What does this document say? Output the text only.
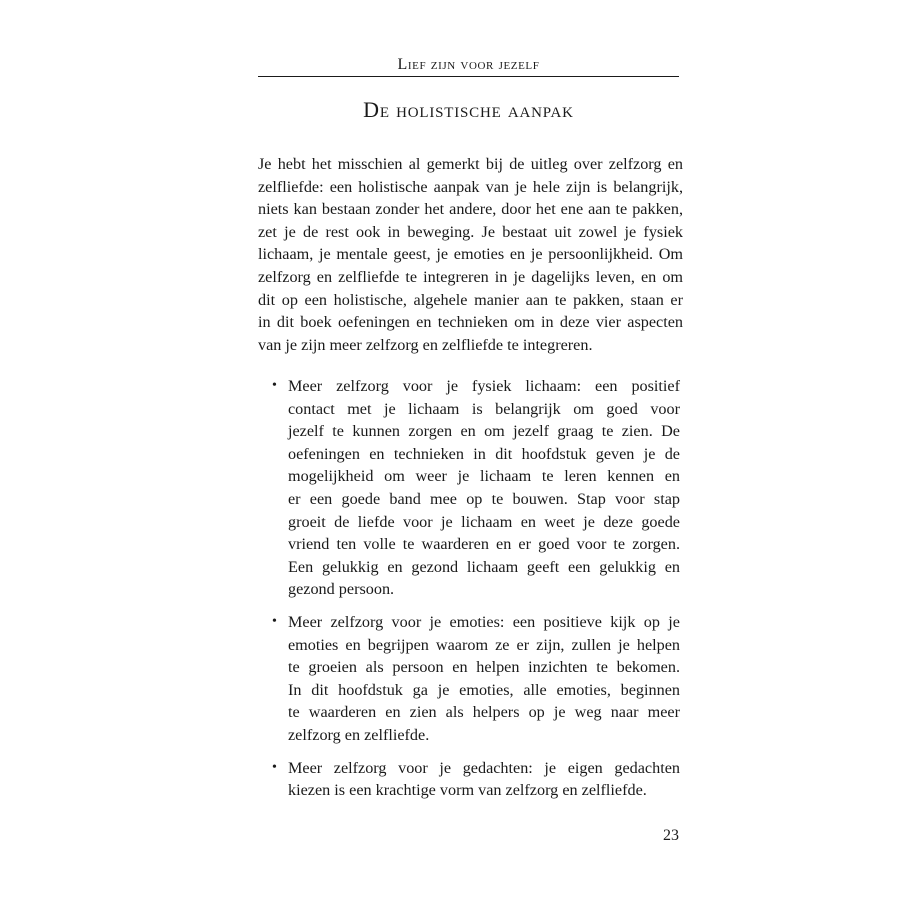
Lief zijn voor jezelf
De holistische aanpak
Je hebt het misschien al gemerkt bij de uitleg over zelfzorg en
zelfliefde: een holistische aanpak van je hele zijn is belangrijk,
niets kan bestaan zonder het andere, door het ene aan te pakken,
zet je de rest ook in beweging. Je bestaat uit zowel je fysiek
lichaam, je mentale geest, je emoties en je persoonlijkheid. Om
zelfzorg en zelfliefde te integreren in je dagelijks leven, en om
dit op een holistische, algehele manier aan te pakken, staan er
in dit boek oefeningen en technieken om in deze vier aspecten
van je zijn meer zelfzorg en zelfliefde te integreren.
• Meer zelfzorg voor je fysiek lichaam: een positief
contact met je lichaam is belangrijk om goed voor
jezelf te kunnen zorgen en om jezelf graag te zien. De
oefeningen en technieken in dit hoofdstuk geven je de
mogelijkheid om weer je lichaam te leren kennen en
er een goede band mee op te bouwen. Stap voor stap
groeit de liefde voor je lichaam en weet je deze goede
vriend ten volle te waarderen en er goed voor te zorgen.
Een gelukkig en gezond lichaam geeft een gelukkig en
gezond persoon.
• Meer zelfzorg voor je emoties: een positieve kijk op je
emoties en begrijpen waarom ze er zijn, zullen je helpen
te groeien als persoon en helpen inzichten te bekomen.
In dit hoofdstuk ga je emoties, alle emoties, beginnen
te waarderen en zien als helpers op je weg naar meer
zelfzorg en zelfliefde.
• Meer zelfzorg voor je gedachten: je eigen gedachten
kiezen is een krachtige vorm van zelfzorg en zelfliefde.
23
